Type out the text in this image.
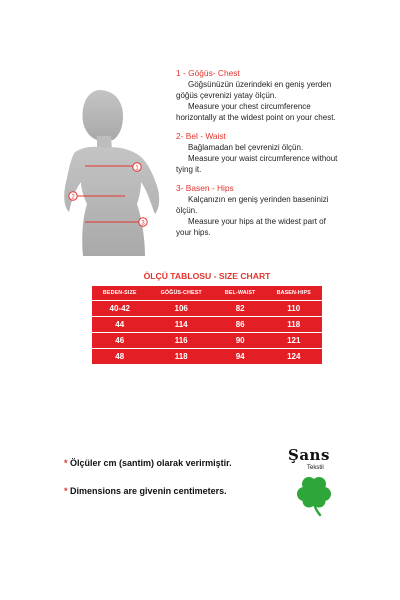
1
2
3
1 - Göğüs- Chest
Göğsünüzün üzerindeki en geniş yerden
göğüs çevrenizi yatay ölçün.
Measure your chest circumference
horizontally at the widest point on your chest.
2- Bel - Waist
Bağlamadan bel çevrenizi ölçün.
Measure your waist circumference without
tying it.
3- Basen - Hips
Kalçanızın en geniş yerinden baseninizi
ölçün.
Measure your hips at the widest part of
your hips.
ÖLÇÜ TABLOSU - SIZE CHART
BEDEN-SIZE	GÖĞÜS-CHEST	BEL-WAIST	BASEN-HIPS
40-42	106	82	110
44	114	86	118
46	116	90	121
48	118	94	124
* Ölçüler cm (santim) olarak verirmiştir.
* Dimensions are givenin centimeters.
Şans
Tekstil
